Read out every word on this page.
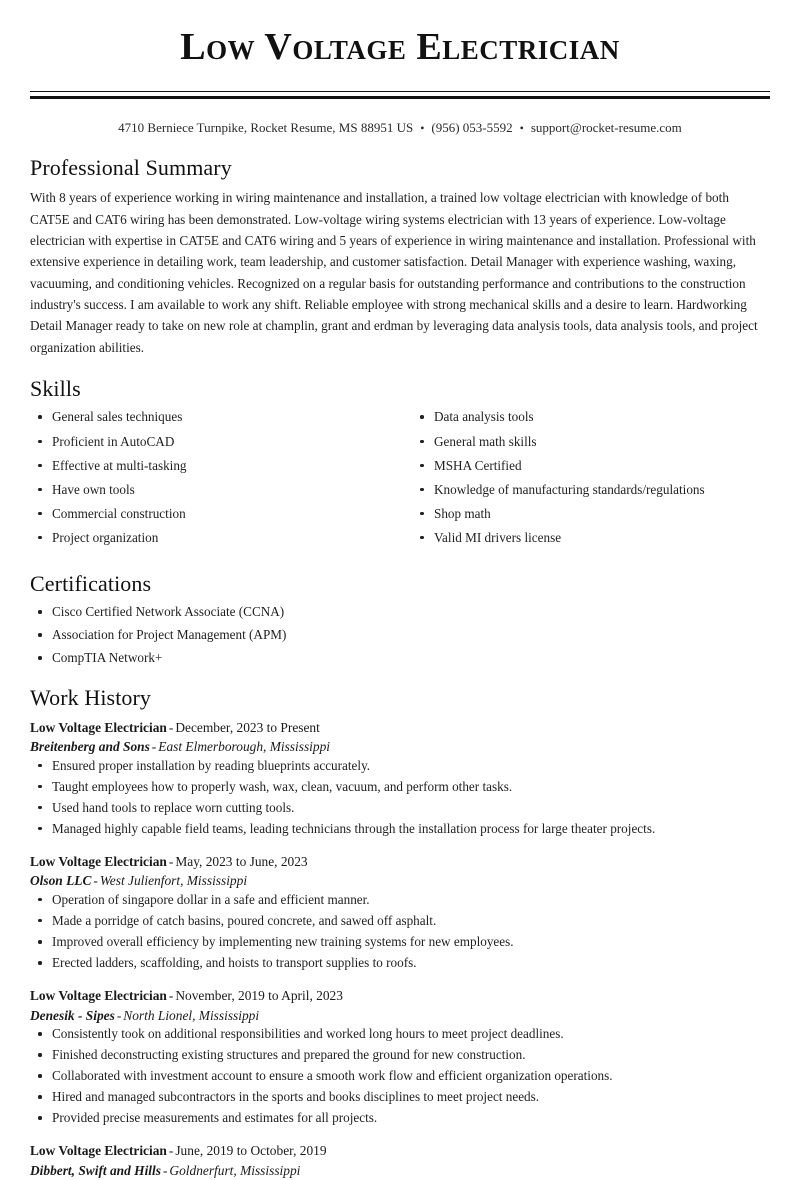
Low Voltage Electrician
4710 Berniece Turnpike, Rocket Resume, MS 88951 US • (956) 053-5592 • support@rocket-resume.com
Professional Summary

With 8 years of experience working in wiring maintenance and installation, a trained low voltage electrician with knowledge of both CAT5E and CAT6 wiring has been demonstrated. Low-voltage wiring systems electrician with 13 years of experience. Low-voltage electrician with expertise in CAT5E and CAT6 wiring and 5 years of experience in wiring maintenance and installation. Professional with extensive experience in detailing work, team leadership, and customer satisfaction. Detail Manager with experience washing, waxing, vacuuming, and conditioning vehicles. Recognized on a regular basis for outstanding performance and contributions to the construction industry's success. I am available to work any shift. Reliable employee with strong mechanical skills and a desire to learn. Hardworking Detail Manager ready to take on new role at champlin, grant and erdman by leveraging data analysis tools, data analysis tools, and project organization abilities.

Skills
General sales techniques
Proficient in AutoCAD
Effective at multi-tasking
Have own tools
Commercial construction
Project organization
Data analysis tools
General math skills
MSHA Certified
Knowledge of manufacturing standards/regulations
Shop math
Valid MI drivers license
Certifications
Cisco Certified Network Associate (CCNA)
Association for Project Management (APM)
CompTIA Network+
Work History
Low Voltage Electrician - December, 2023 to Present
Breitenberg and Sons - East Elmerborough, Mississippi
Ensured proper installation by reading blueprints accurately.
Taught employees how to properly wash, wax, clean, vacuum, and perform other tasks.
Used hand tools to replace worn cutting tools.
Managed highly capable field teams, leading technicians through the installation process for large theater projects.
Low Voltage Electrician - May, 2023 to June, 2023
Olson LLC - West Julienfort, Mississippi
Operation of singapore dollar in a safe and efficient manner.
Made a porridge of catch basins, poured concrete, and sawed off asphalt.
Improved overall efficiency by implementing new training systems for new employees.
Erected ladders, scaffolding, and hoists to transport supplies to roofs.
Low Voltage Electrician - November, 2019 to April, 2023
Denesik - Sipes - North Lionel, Mississippi
Consistently took on additional responsibilities and worked long hours to meet project deadlines.
Finished deconstructing existing structures and prepared the ground for new construction.
Collaborated with investment account to ensure a smooth work flow and efficient organization operations.
Hired and managed subcontractors in the sports and books disciplines to meet project needs.
Provided precise measurements and estimates for all projects.
Low Voltage Electrician - June, 2019 to October, 2019
Dibbert, Swift and Hills - Goldnerfurt, Mississippi
